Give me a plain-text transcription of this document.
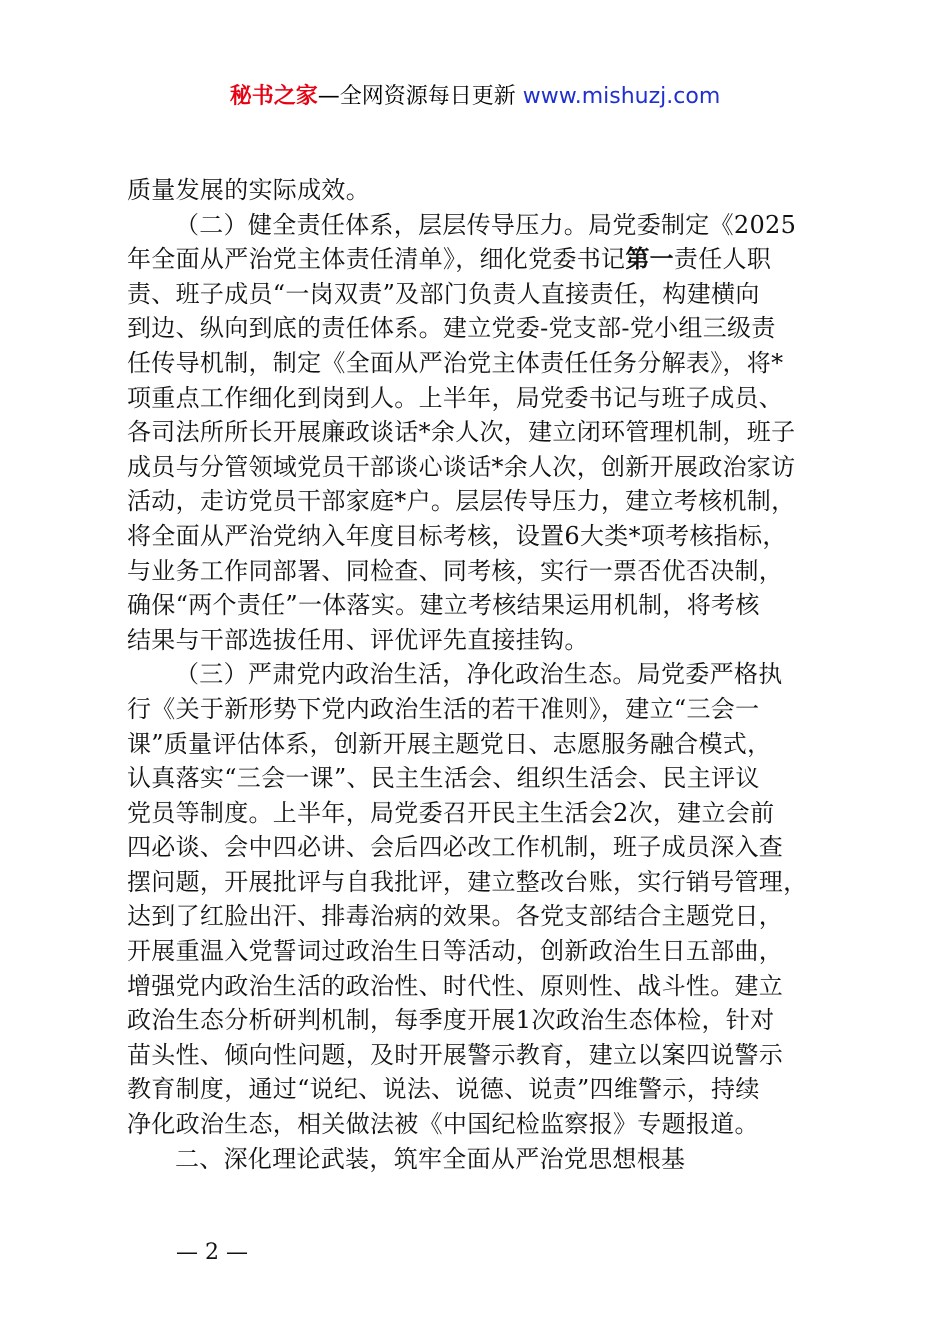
秘书之家—全网资源每日更新 www.mishuzj.com
质量发展的实际成效。
（二）健全责任体系，层层传导压力。局党委制定《2025
年全面从严治党主体责任清单》，细化党委书记第一责任人职
责、班子成员“一岗双责”及部门负责人直接责任，构建横向
到边、纵向到底的责任体系。建立党委-党支部-党小组三级责
任传导机制，制定《全面从严治党主体责任任务分解表》，将*
项重点工作细化到岗到人。上半年，局党委书记与班子成员、
各司法所所长开展廉政谈话*余人次，建立闭环管理机制，班子
成员与分管领域党员干部谈心谈话*余人次，创新开展政治家访
活动，走访党员干部家庭*户。层层传导压力，建立考核机制，
将全面从严治党纳入年度目标考核，设置6大类*项考核指标，
与业务工作同部署、同检查、同考核，实行一票否优否决制，
确保“两个责任”一体落实。建立考核结果运用机制，将考核
结果与干部选拔任用、评优评先直接挂钩。
（三）严肃党内政治生活，净化政治生态。局党委严格执
行《关于新形势下党内政治生活的若干准则》，建立“三会一
课”质量评估体系，创新开展主题党日、志愿服务融合模式，
认真落实“三会一课”、民主生活会、组织生活会、民主评议
党员等制度。上半年，局党委召开民主生活会2次，建立会前
四必谈、会中四必讲、会后四必改工作机制，班子成员深入查
摆问题，开展批评与自我批评，建立整改台账，实行销号管理，
达到了红脸出汗、排毒治病的效果。各党支部结合主题党日，
开展重温入党誓词过政治生日等活动，创新政治生日五部曲，
增强党内政治生活的政治性、时代性、原则性、战斗性。建立
政治生态分析研判机制，每季度开展1次政治生态体检，针对
苗头性、倾向性问题，及时开展警示教育，建立以案四说警示
教育制度，通过“说纪、说法、说德、说责”四维警示，持续
净化政治生态，相关做法被《中国纪检监察报》专题报道。
二、深化理论武装，筑牢全面从严治党思想根基
— 2 —
